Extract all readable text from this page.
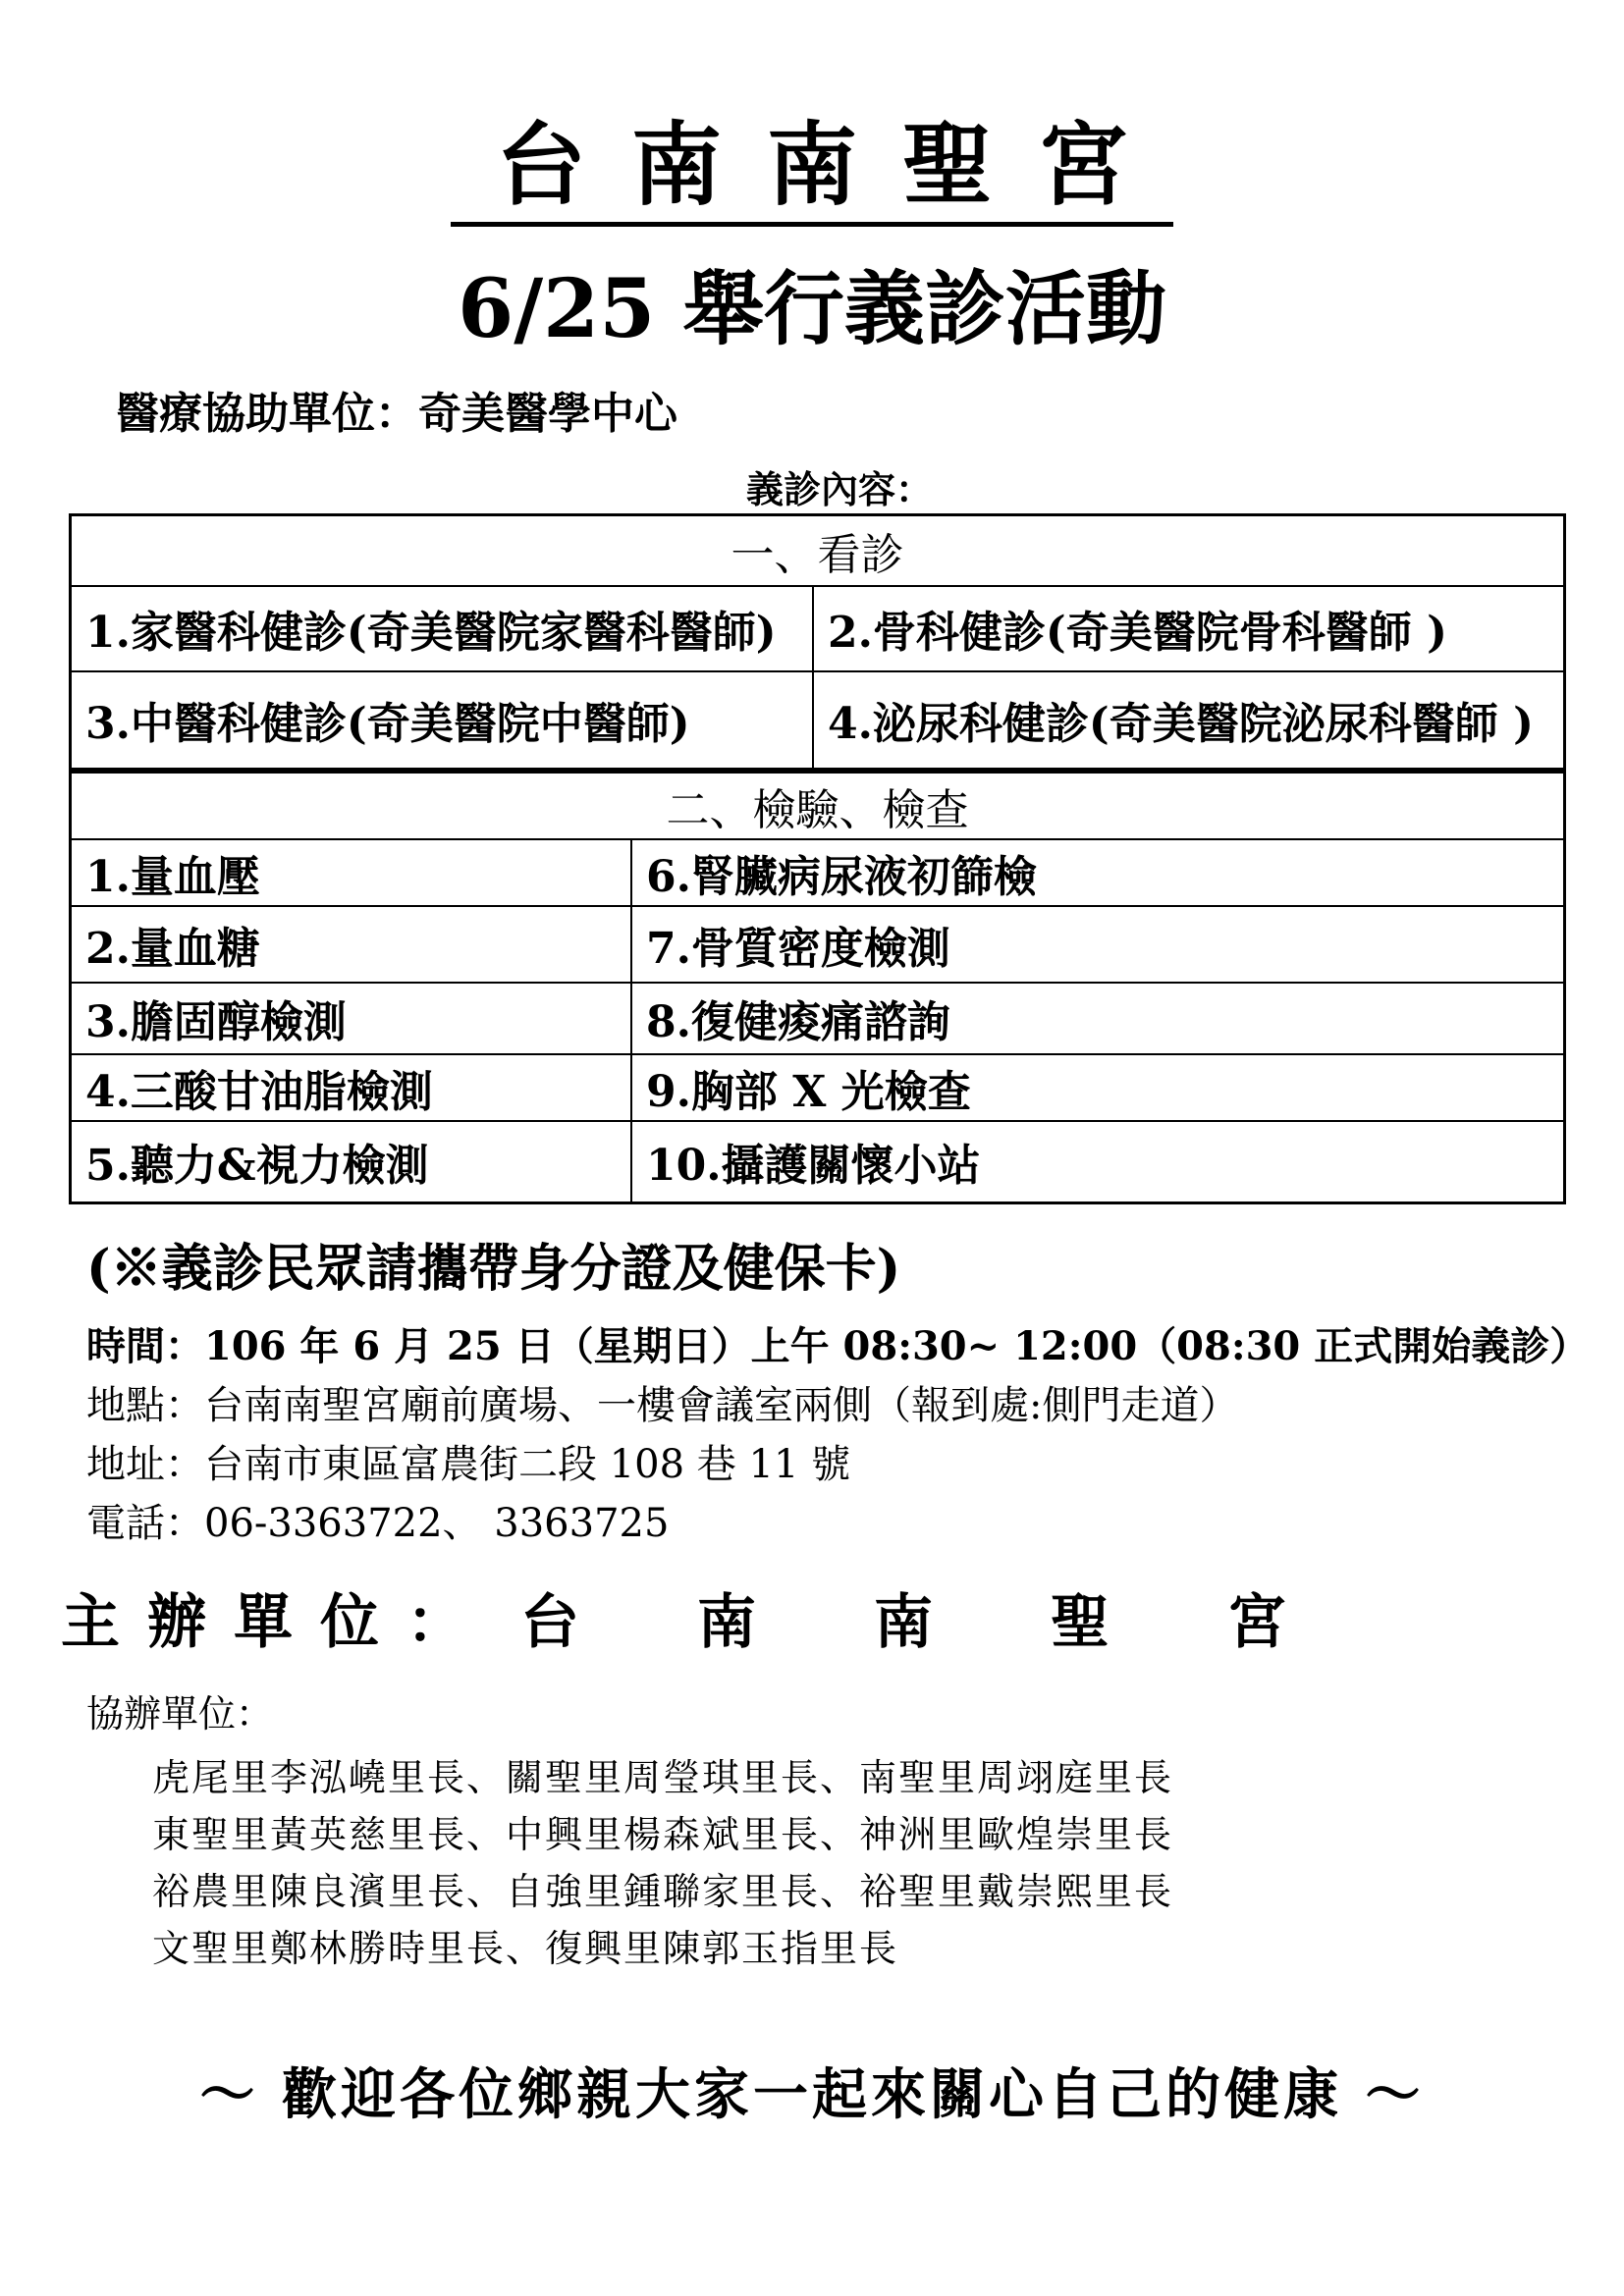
台南南聖宮
6/25 舉行義診活動
醫療協助單位：奇美醫學中心
義診內容：
一、看診	
1.家醫科健診(奇美醫院家醫科醫師)	2.骨科健診(奇美醫院骨科醫師 )
3.中醫科健診(奇美醫院中醫師)	4.泌尿科健診(奇美醫院泌尿科醫師 )
二、檢驗、檢查	
1.量血壓	6.腎臟病尿液初篩檢
2.量血糖	7.骨質密度檢測
3.膽固醇檢測	8.復健痠痛諮詢
4.三酸甘油脂檢測	9.胸部 X 光檢查
5.聽力&視力檢測	10.攝護關懷小站
(※義診民眾請攜帶身分證及健保卡)
時間：106 年 6 月 25 日（星期日）上午 08:30~ 12:00（08:30 正式開始義診）
地點：台南南聖宮廟前廣場、一樓會議室兩側（報到處:側門走道）
地址：台南市東區富農街二段 108 巷 11 號
電話：06-3363722、 3363725
主辦單位： 台南南聖宮
協辦單位：
虎尾里李泓嶢里長、關聖里周瑩琪里長、南聖里周翊庭里長
東聖里黃英慈里長、中興里楊森斌里長、神洲里歐煌崇里長
裕農里陳良濱里長、自強里鍾聯家里長、裕聖里戴崇熙里長
文聖里鄭林勝時里長、復興里陳郭玉指里長
～ 歡迎各位鄉親大家一起來關心自己的健康 ～
